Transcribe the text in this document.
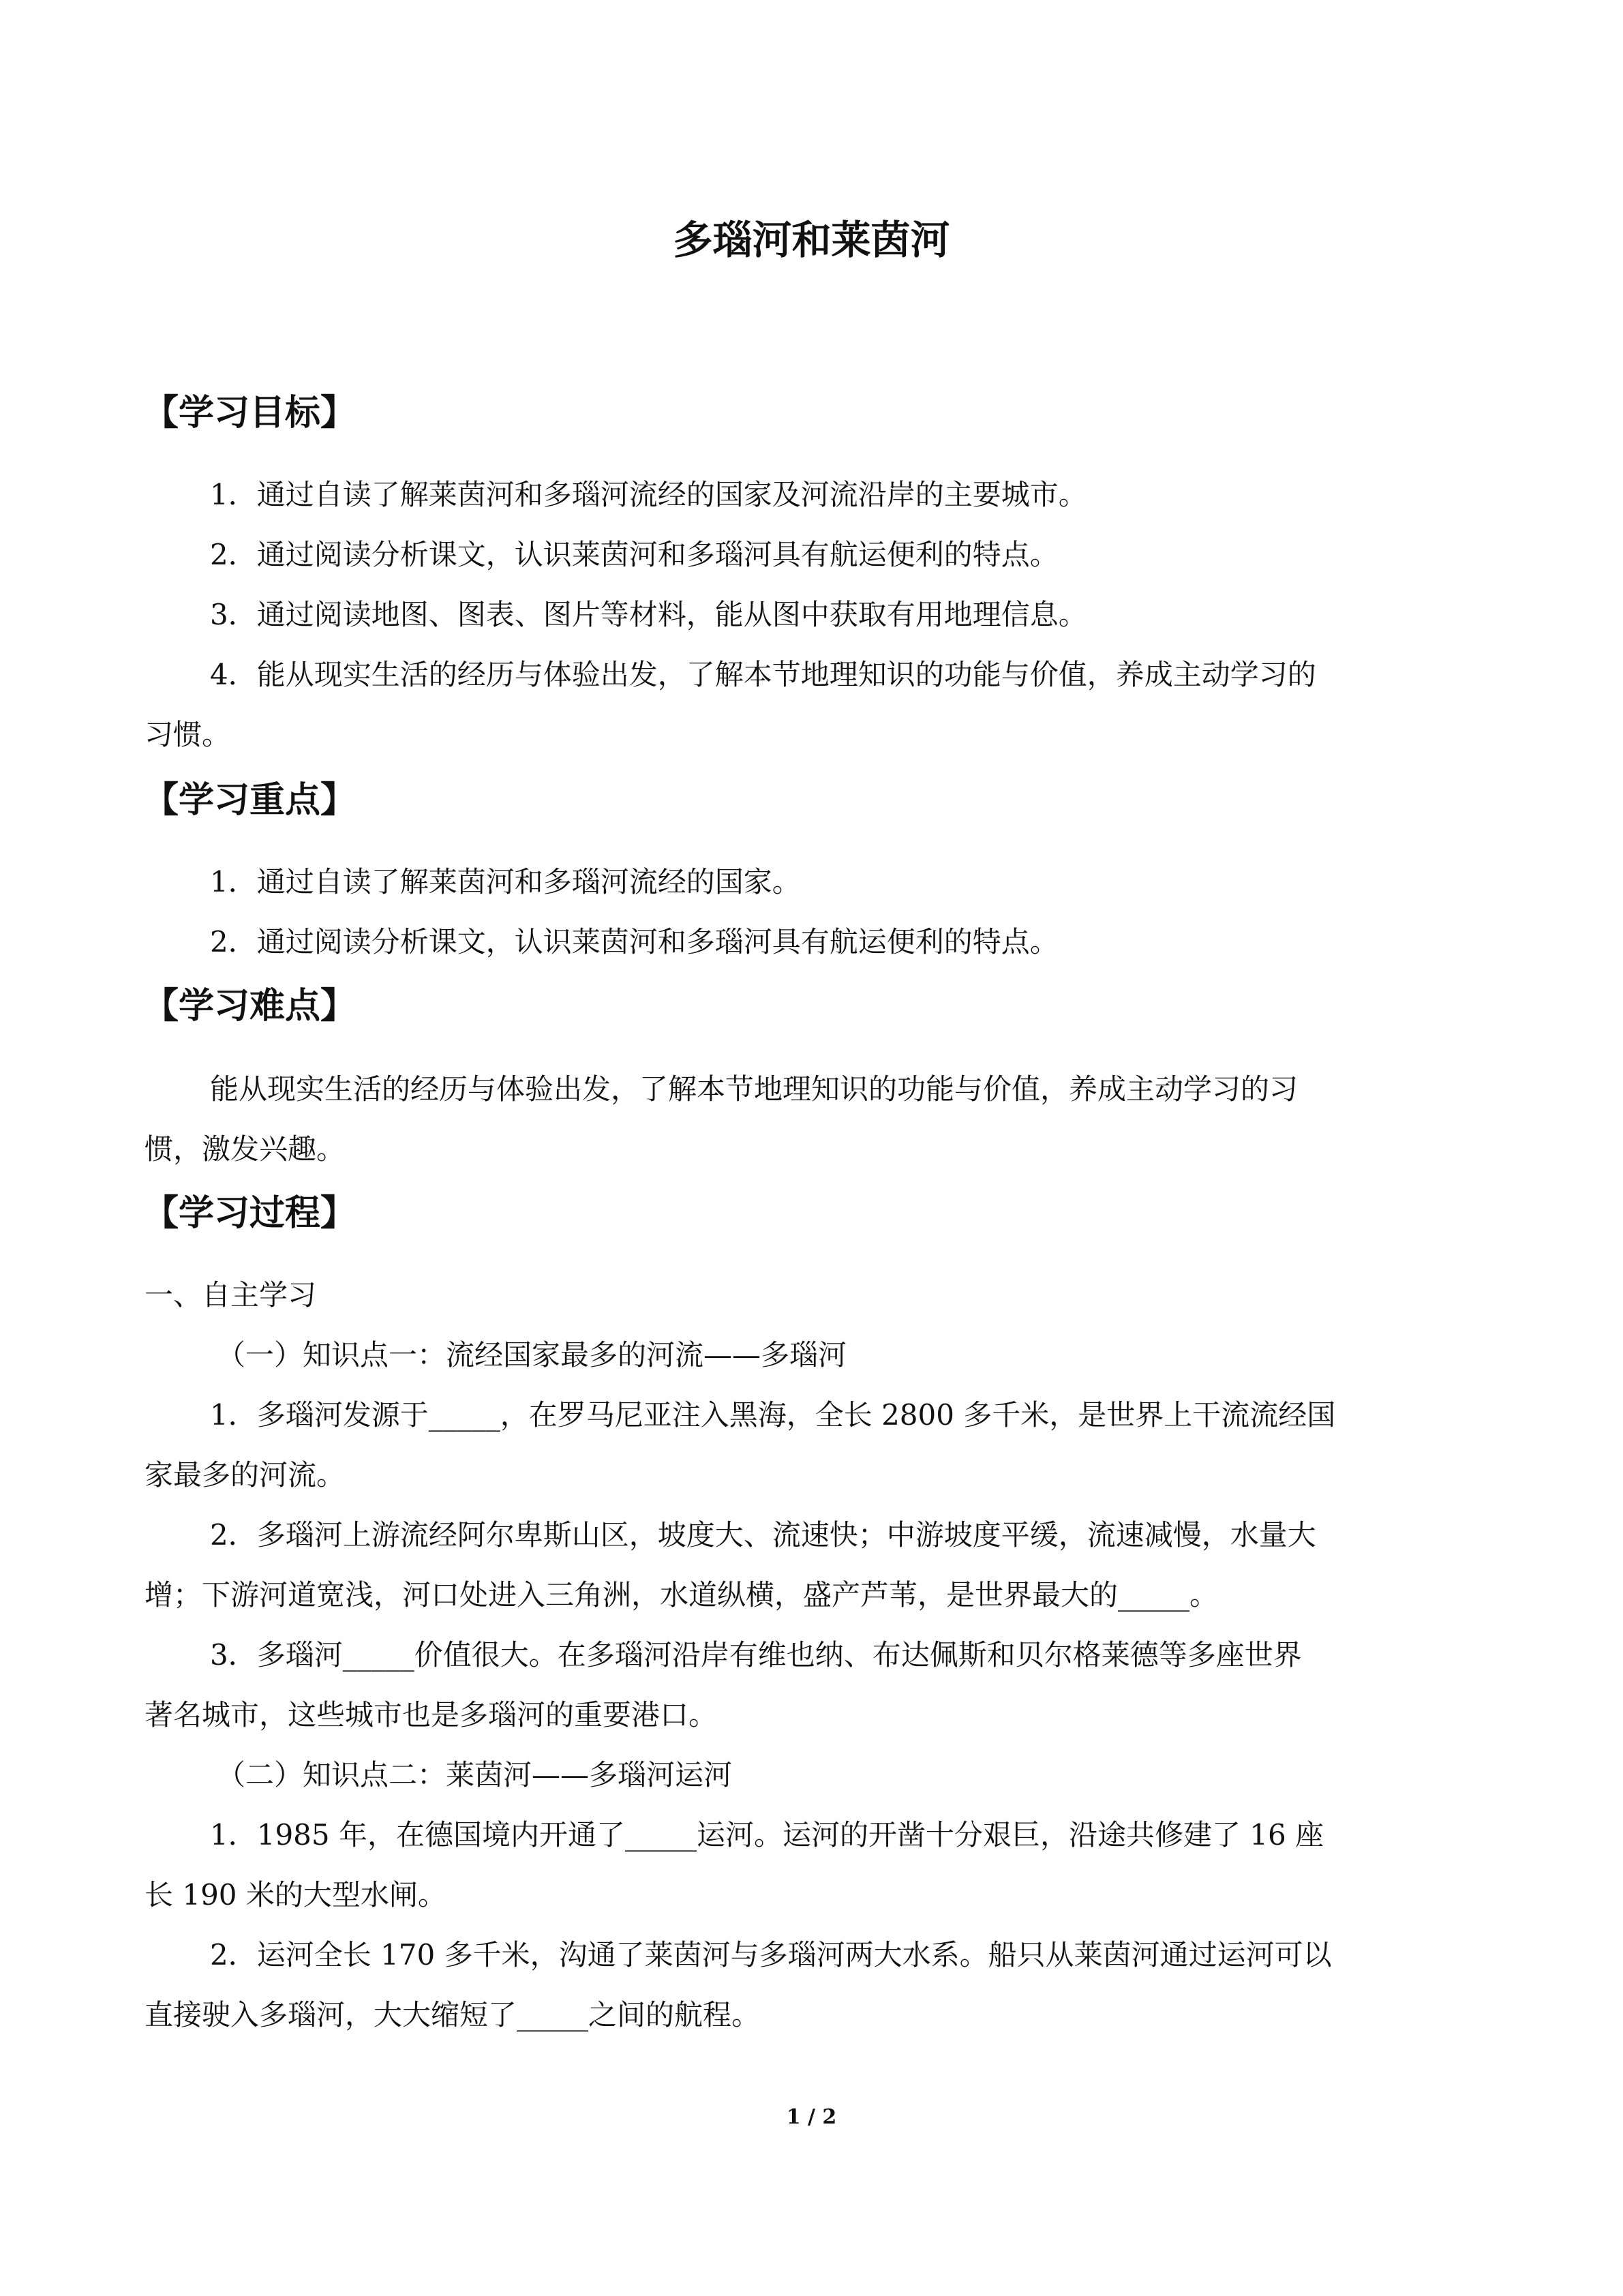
多瑙河和莱茵河
【学习目标】
1．通过自读了解莱茵河和多瑙河流经的国家及河流沿岸的主要城市。
2．通过阅读分析课文，认识莱茵河和多瑙河具有航运便利的特点。
3．通过阅读地图、图表、图片等材料，能从图中获取有用地理信息。
4．能从现实生活的经历与体验出发，了解本节地理知识的功能与价值，养成主动学习的
习惯。
【学习重点】
1．通过自读了解莱茵河和多瑙河流经的国家。
2．通过阅读分析课文，认识莱茵河和多瑙河具有航运便利的特点。
【学习难点】
能从现实生活的经历与体验出发，了解本节地理知识的功能与价值，养成主动学习的习
惯，激发兴趣。
【学习过程】
一、自主学习
（一）知识点一：流经国家最多的河流——多瑙河
1．多瑙河发源于_____，在罗马尼亚注入黑海，全长 2800 多千米，是世界上干流流经国
家最多的河流。
2．多瑙河上游流经阿尔卑斯山区，坡度大、流速快；中游坡度平缓，流速减慢，水量大
增；下游河道宽浅，河口处进入三角洲，水道纵横，盛产芦苇，是世界最大的_____。
3．多瑙河_____价值很大。在多瑙河沿岸有维也纳、布达佩斯和贝尔格莱德等多座世界
著名城市，这些城市也是多瑙河的重要港口。
（二）知识点二：莱茵河——多瑙河运河
1．1985 年，在德国境内开通了_____运河。运河的开凿十分艰巨，沿途共修建了 16 座
长 190 米的大型水闸。
2．运河全长 170 多千米，沟通了莱茵河与多瑙河两大水系。船只从莱茵河通过运河可以
直接驶入多瑙河，大大缩短了_____之间的航程。
1 / 2
